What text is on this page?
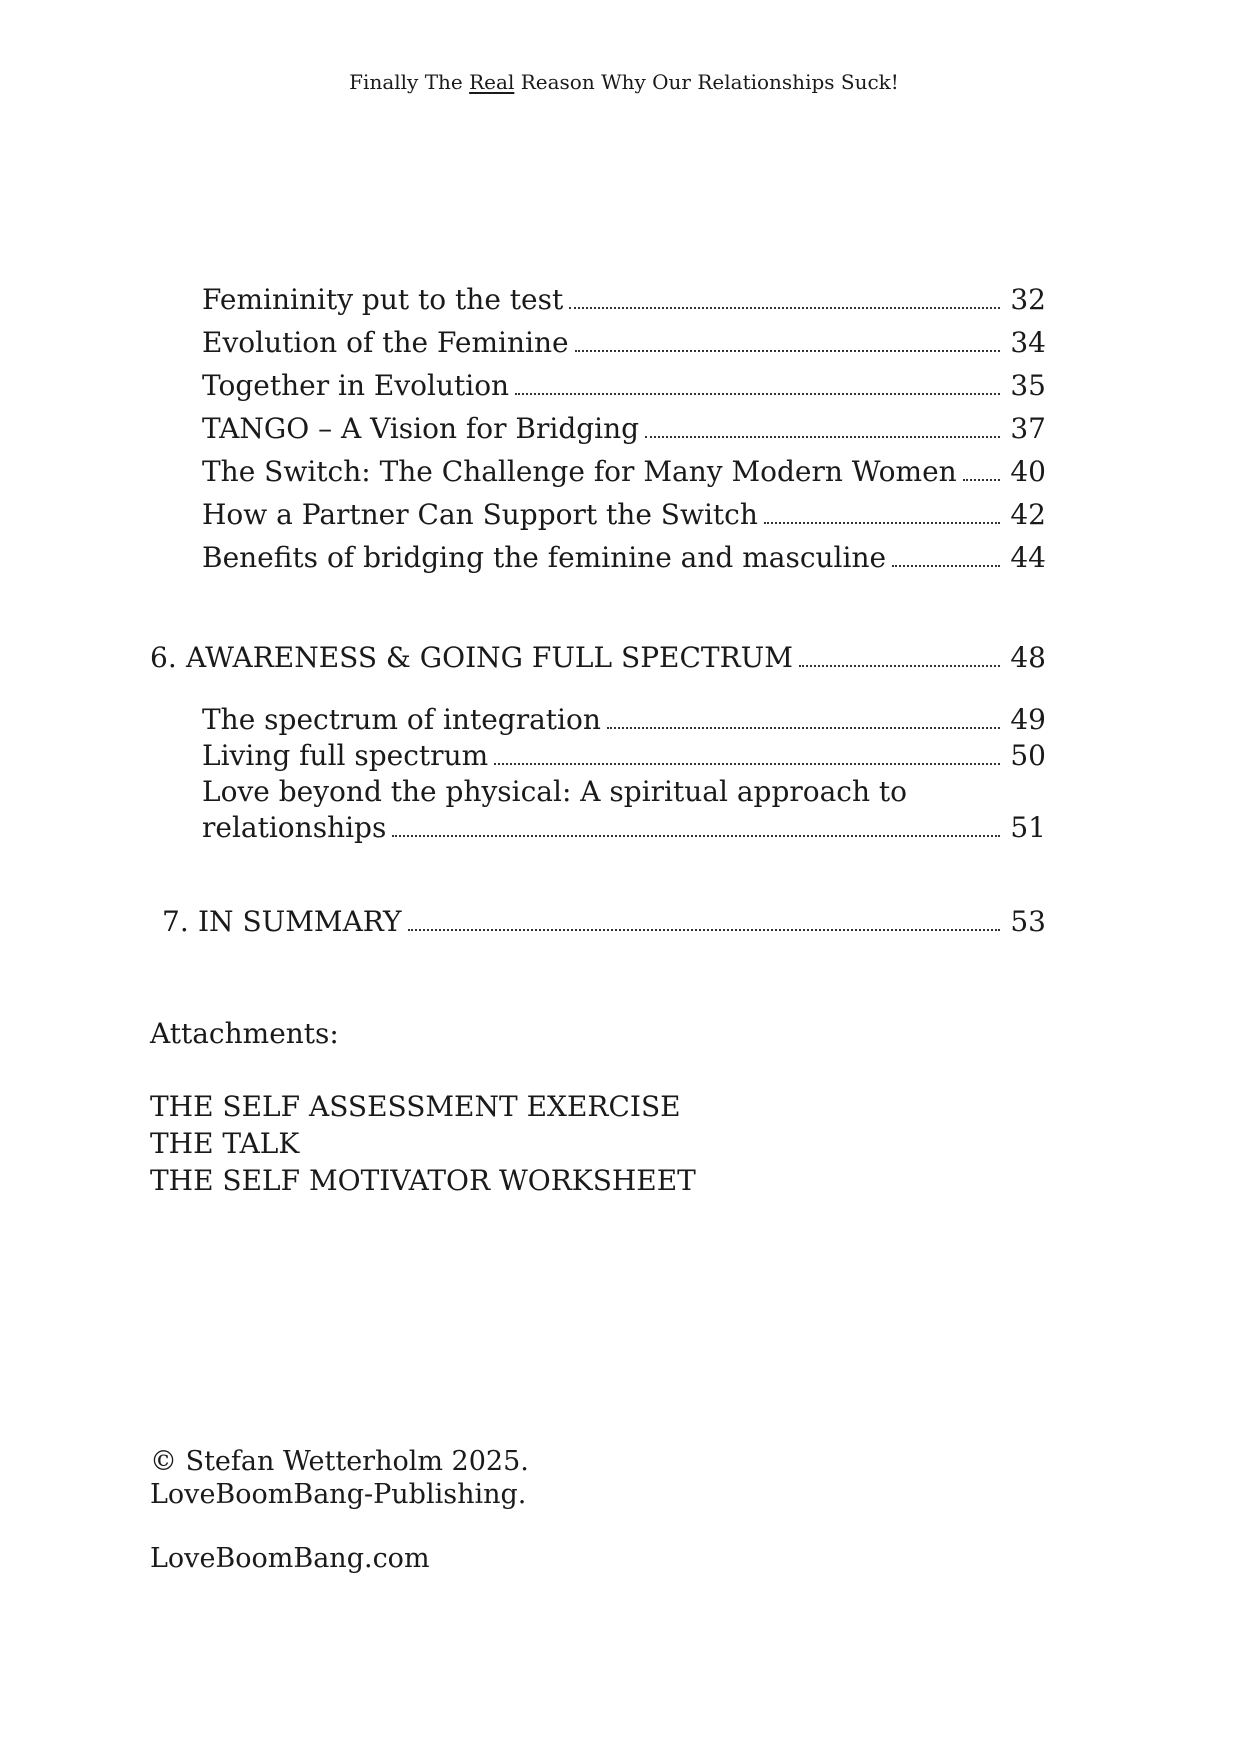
Finally The Real Reason Why Our Relationships Suck!
Femininity put to the test	32
Evolution of the Feminine	34
Together in Evolution	35
TANGO – A Vision for Bridging	37
The Switch: The Challenge for Many Modern Women	40
How a Partner Can Support the Switch	42
Benefits of bridging the feminine and masculine	44
6. AWARENESS & GOING FULL SPECTRUM	48
The spectrum of integration	49
Living full spectrum	50
Love beyond the physical: A spiritual approach to
relationships	51
7. IN SUMMARY	53
Attachments:
THE SELF ASSESSMENT EXERCISE
THE TALK
THE SELF MOTIVATOR WORKSHEET
© Stefan Wetterholm 2025.
LoveBoomBang-Publishing.
LoveBoomBang.com
